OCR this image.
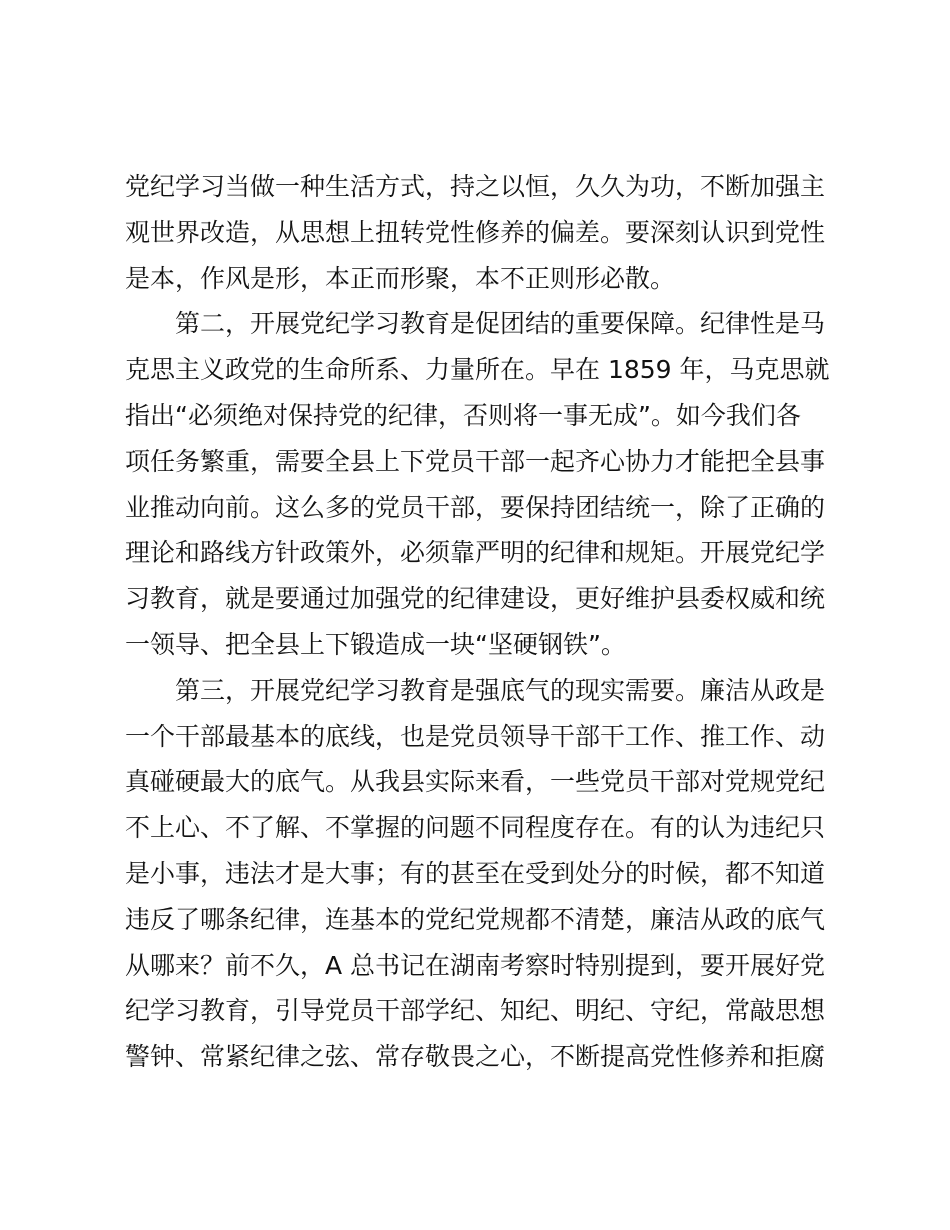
党纪学习当做一种生活方式，持之以恒，久久为功，不断加强主
观世界改造，从思想上扭转党性修养的偏差。要深刻认识到党性
是本，作风是形，本正而形聚，本不正则形必散。
第二，开展党纪学习教育是促团结的重要保障。纪律性是马
克思主义政党的生命所系、力量所在。早在 1859 年，马克思就
指出“必须绝对保持党的纪律，否则将一事无成”。如今我们各
项任务繁重，需要全县上下党员干部一起齐心协力才能把全县事
业推动向前。这么多的党员干部，要保持团结统一，除了正确的
理论和路线方针政策外，必须靠严明的纪律和规矩。开展党纪学
习教育，就是要通过加强党的纪律建设，更好维护县委权威和统
一领导、把全县上下锻造成一块“坚硬钢铁”。
第三，开展党纪学习教育是强底气的现实需要。廉洁从政是
一个干部最基本的底线，也是党员领导干部干工作、推工作、动
真碰硬最大的底气。从我县实际来看，一些党员干部对党规党纪
不上心、不了解、不掌握的问题不同程度存在。有的认为违纪只
是小事，违法才是大事；有的甚至在受到处分的时候，都不知道
违反了哪条纪律，连基本的党纪党规都不清楚，廉洁从政的底气
从哪来？前不久，A 总书记在湖南考察时特别提到，要开展好党
纪学习教育，引导党员干部学纪、知纪、明纪、守纪，常敲思想
警钟、常紧纪律之弦、常存敬畏之心，不断提高党性修养和拒腐
